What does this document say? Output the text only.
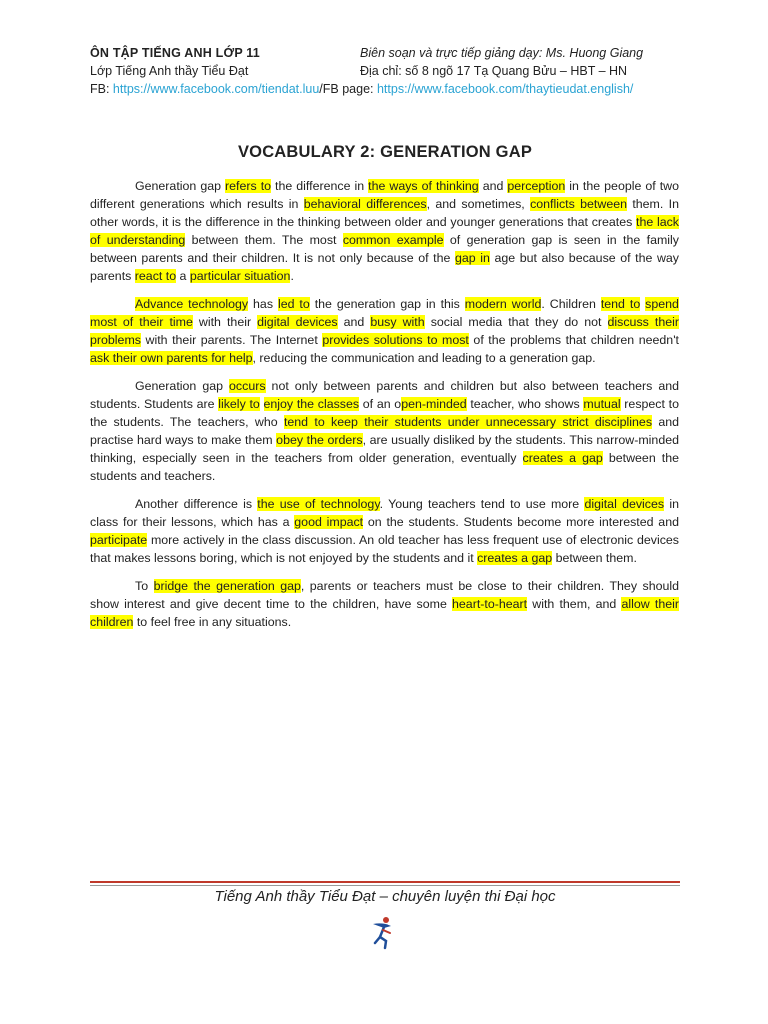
ÔN TẬP TIẾNG ANH LỚP 11	Biên soạn và trực tiếp giảng dạy: Ms. Huong Giang
Lớp Tiếng Anh thầy Tiểu Đạt	Địa chỉ: số 8 ngõ 17 Tạ Quang Bửu – HBT – HN
FB: https://www.facebook.com/tiendat.luu/FB page: https://www.facebook.com/thaytieudat.english/
VOCABULARY 2: GENERATION GAP

Generation gap refers to the difference in the ways of thinking and perception in the people of two different generations which results in behavioral differences, and sometimes, conflicts between them. In other words, it is the difference in the thinking between older and younger generations that creates the lack of understanding between them. The most common example of generation gap is seen in the family between parents and their children. It is not only because of the gap in age but also because of the way parents react to a particular situation.

Advance technology has led to the generation gap in this modern world. Children tend to spend most of their time with their digital devices and busy with social media that they do not discuss their problems with their parents. The Internet provides solutions to most of the problems that children needn't ask their own parents for help, reducing the communication and leading to a generation gap.

Generation gap occurs not only between parents and children but also between teachers and students. Students are likely to enjoy the classes of an open-minded teacher, who shows mutual respect to the students. The teachers, who tend to keep their students under unnecessary strict disciplines and practise hard ways to make them obey the orders, are usually disliked by the students. This narrow-minded thinking, especially seen in the teachers from older generation, eventually creates a gap between the students and teachers.

Another difference is the use of technology. Young teachers tend to use more digital devices in class for their lessons, which has a good impact on the students. Students become more interested and participate more actively in the class discussion. An old teacher has less frequent use of electronic devices that makes lessons boring, which is not enjoyed by the students and it creates a gap between them.

To bridge the generation gap, parents or teachers must be close to their children. They should show interest and give decent time to the children, have some heart-to-heart with them, and allow their children to feel free in any situations.

Tiếng Anh thầy Tiểu Đạt – chuyên luyện thi Đại học
